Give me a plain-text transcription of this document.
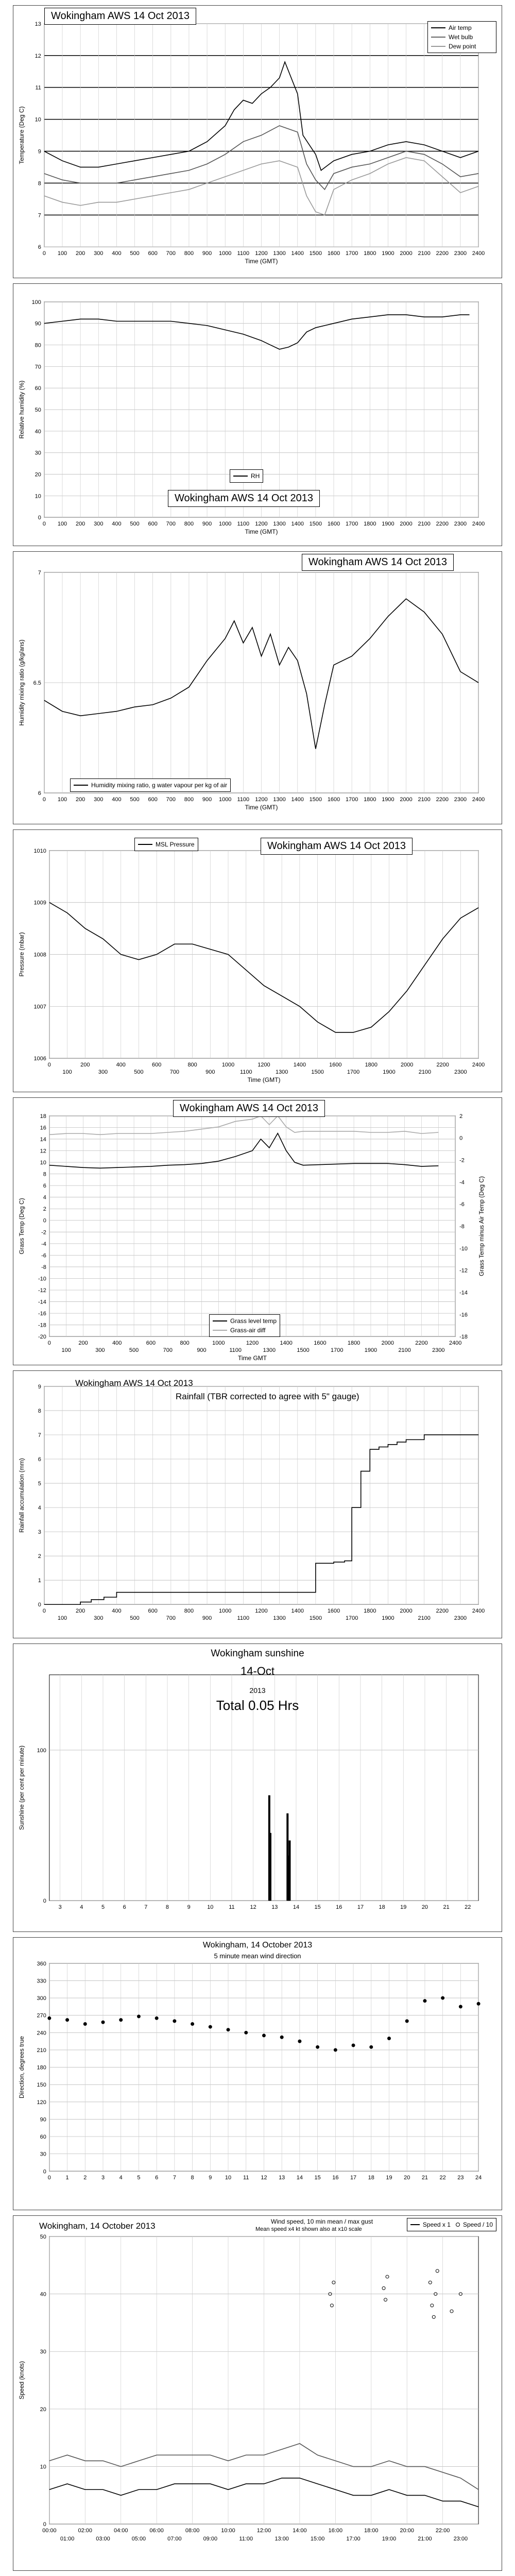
6
7
8
9
10
11
12
13
0 100 200 300 400 500 600 700 800 900 1000 1100 1200 1300 1400 1500 1600 1700 1800 1900 2000 2100 2200 2300 2400
Time (GMT)
Temperature (Deg C)
Wokingham AWS 14 Oct 2013
Air temp
Wet bulb
Dew point
0
10
20
30
40
50
60
70
80
90
100
0 100 200 300 400 500 600 700 800 900 1000 1100 1200 1300 1400 1500 1600 1700 1800 1900 2000 2100 2200 2300 2400
Time (GMT)
Relative humidity (%)
Wokingham AWS 14 Oct 2013
RH
6
6.5
7
0 100 200 300 400 500 600 700 800 900 1000 1100 1200 1300 1400 1500 1600 1700 1800 1900 2000 2100 2200 2300 2400
Time (GMT)
Humidity mixing ratio (g/kg/ans)
Wokingham AWS 14 Oct 2013
Humidity mixing ratio, g water vapour per kg of air
1006
1007
1008
1009
1010
0
100
200
300
400
500
600
700
800
900
1000
1100
1200
1300
1400
1500
1600
1700
1800
1900
2000
2100
2200
2300
2400
Time (GMT)
Pressure (mbar)
MSL Pressure	Wokingham AWS 14 Oct 2013
-20
-18
-16
-14
-12
-10
-8
-6
-4
-2
0
2
4
6
8
10
12
14
16
18
0
100
200
300
400
500
600
700
800
900
1000
1100
1200
1300
1400
1500
1600
1700
1800
1900
2000
2100
2200
2300
2400
Time GMT
Grass Temp (Deg C)
-18
-16
-14
-12
-10
-8
-6
-4
-2
0
2
Grass Temp minus Air Temp (Deg C)
Wokingham AWS 14 Oct 2013
Grass level temp
Grass-air diff
0
1
2
3
4
5
6
7
8
9
0
100
200
300
400
500
600
700
800
900
1000
1100
1200
1300
1400
1500
1600
1700
1800
1900
2000
2100
2200
2300
2400
Rainfall accumulation (mm)
Wokingham AWS 14 Oct 2013
Rainfall (TBR corrected to agree with 5" gauge)
0
100
3	4	5	6	7	8	9	10	11	12	13	14	15	16	17	18	19	20	21	22
Sunshine (per cent per minute)
Wokingham sunshine
14-Oct
2013
Total 0.05 Hrs
0
30
60
90
120
150
180
210
240
270
300
330
360
0	1	2	3	4	5	6	7	8	9 10 11 12 13 14 15 16 17 18 19 20 21 22 23 24
Direction, degrees true
Wokingham, 14 October 2013
5 minute mean wind direction
0
10
20
30
40
50
00:00	02:00	04:00	06:00	08:00	10:00	12:00	14:00	16:00	18:00	20:00	22:00
01:00	03:00	05:00	07:00	09:00	11:00	13:00	15:00	17:00	19:00	21:00	23:00
Speed (knots)
Wokingham, 14 October 2013	Wind speed, 10 min mean / max gust
Mean speed x4 kt shown also at x10 scale
Speed x 1 Speed / 10
